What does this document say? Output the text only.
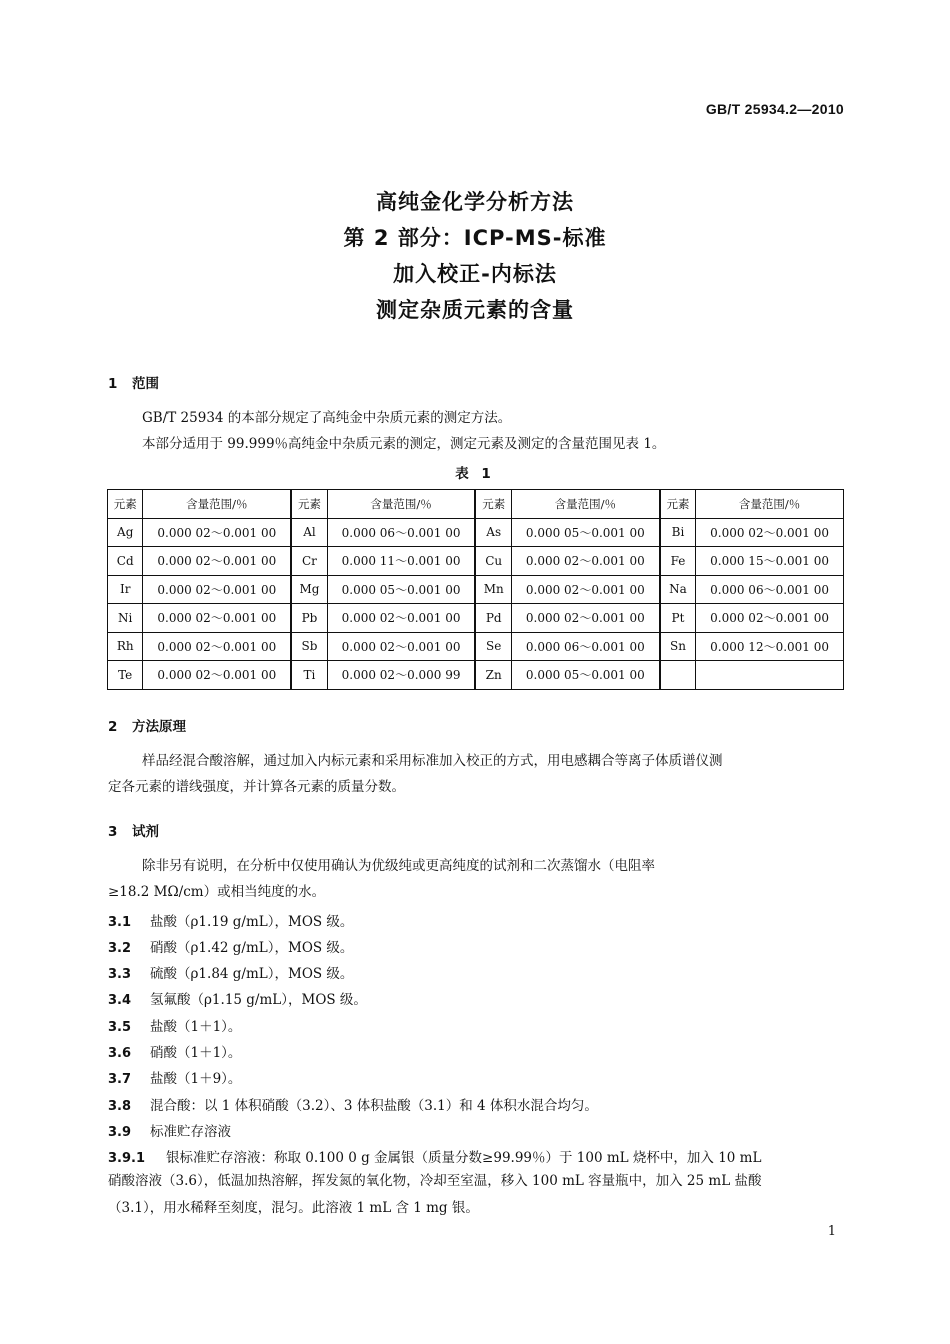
GB/T 25934.2—2010
高纯金化学分析方法
第 2 部分：ICP-MS-标准
加入校正-内标法
测定杂质元素的含量
1 范围
GB/T 25934 的本部分规定了高纯金中杂质元素的测定方法。
本部分适用于 99.999％高纯金中杂质元素的测定，测定元素及测定的含量范围见表 1。
表 1
元素	含量范围/％	元素	含量范围/％	元素	含量范围/％	元素	含量范围/％
Ag	0.000 02～0.001 00	Al	0.000 06～0.001 00	As	0.000 05～0.001 00	Bi	0.000 02～0.001 00
Cd	0.000 02～0.001 00	Cr	0.000 11～0.001 00	Cu	0.000 02～0.001 00	Fe	0.000 15～0.001 00
Ir	0.000 02～0.001 00	Mg	0.000 05～0.001 00	Mn	0.000 02～0.001 00	Na	0.000 06～0.001 00
Ni	0.000 02～0.001 00	Pb	0.000 02～0.001 00	Pd	0.000 02～0.001 00	Pt	0.000 02～0.001 00
Rh	0.000 02～0.001 00	Sb	0.000 02～0.001 00	Se	0.000 06～0.001 00	Sn	0.000 12～0.001 00
Te	0.000 02～0.001 00	Ti	0.000 02～0.000 99	Zn	0.000 05～0.001 00		
2 方法原理
样品经混合酸溶解，通过加入内标元素和采用标准加入校正的方式，用电感耦合等离子体质谱仪测
定各元素的谱线强度，并计算各元素的质量分数。
3 试剂
除非另有说明，在分析中仅使用确认为优级纯或更高纯度的试剂和二次蒸馏水（电阻率
≥18.2 MΩ/cm）或相当纯度的水。
3.1 盐酸（ρ1.19 g/mL），MOS 级。
3.2 硝酸（ρ1.42 g/mL），MOS 级。
3.3 硫酸（ρ1.84 g/mL），MOS 级。
3.4 氢氟酸（ρ1.15 g/mL），MOS 级。
3.5 盐酸（1＋1）。
3.6 硝酸（1＋1）。
3.7 盐酸（1＋9）。
3.8 混合酸：以 1 体积硝酸（3.2）、3 体积盐酸（3.1）和 4 体积水混合均匀。
3.9 标准贮存溶液
3.9.1 银标准贮存溶液：称取 0.100 0 g 金属银（质量分数≥99.99％）于 100 mL 烧杯中，加入 10 mL
硝酸溶液（3.6），低温加热溶解，挥发氮的氧化物，冷却至室温，移入 100 mL 容量瓶中，加入 25 mL 盐酸
（3.1），用水稀释至刻度，混匀。此溶液 1 mL 含 1 mg 银。
1
